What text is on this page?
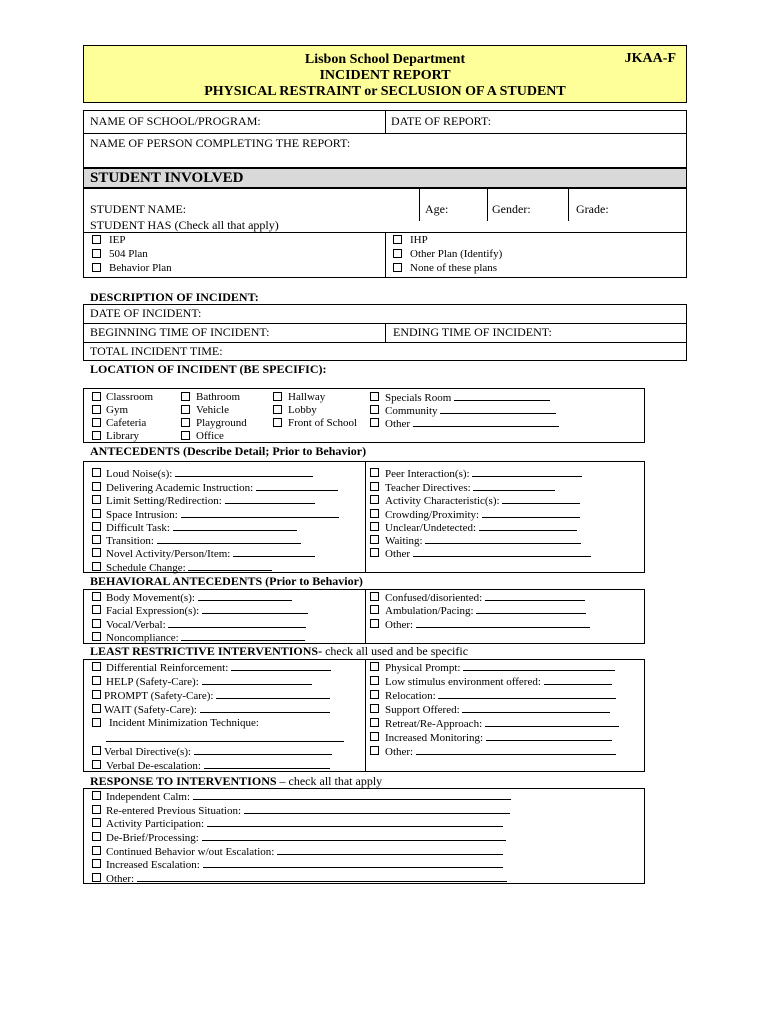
Lisbon School Department
INCIDENT REPORT
PHYSICAL RESTRAINT or SECLUSION OF A STUDENT
JKAA-F
NAME OF SCHOOL/PROGRAM:	DATE OF REPORT:
NAME OF PERSON COMPLETING THE REPORT:
STUDENT INVOLVED
STUDENT NAME:	Age:	Gender:	Grade:
STUDENT HAS (Check all that apply)
IEP
504 Plan
Behavior Plan
IHP
Other Plan (Identify)
None of these plans
DESCRIPTION OF INCIDENT:
DATE OF INCIDENT:
BEGINNING TIME OF INCIDENT:	ENDING TIME OF INCIDENT:
TOTAL INCIDENT TIME:
LOCATION OF INCIDENT (BE SPECIFIC):
Classroom
Gym
Cafeteria
Library
Bathroom
Vehicle
Playground
Office
Hallway
Lobby
Front of School
Specials Room
Community
Other
ANTECEDENTS (Describe Detail; Prior to Behavior)
Loud Noise(s):
Delivering Academic Instruction:
Limit Setting/Redirection:
Space Intrusion:
Difficult Task:
Transition:
Novel Activity/Person/Item:
Schedule Change:
Peer Interaction(s):
Teacher Directives:
Activity Characteristic(s):
Crowding/Proximity:
Unclear/Undetected:
Waiting:
Other
BEHAVIORAL ANTECEDENTS (Prior to Behavior)
Body Movement(s):
Facial Expression(s):
Vocal/Verbal:
Noncompliance:
Confused/disoriented:
Ambulation/Pacing:
Other:
LEAST RESTRICTIVE INTERVENTIONS- check all used and be specific
Differential Reinforcement:
HELP (Safety-Care):
PROMPT (Safety-Care):
WAIT (Safety-Care):
Incident Minimization Technique:
Verbal Directive(s):
Verbal De-escalation:
Physical Prompt:
Low stimulus environment offered:
Relocation:
Support Offered:
Retreat/Re-Approach:
Increased Monitoring:
Other:
RESPONSE TO INTERVENTIONS – check all that apply
Independent Calm:
Re-entered Previous Situation:
Activity Participation:
De-Brief/Processing:
Continued Behavior w/out Escalation:
Increased Escalation:
Other:
